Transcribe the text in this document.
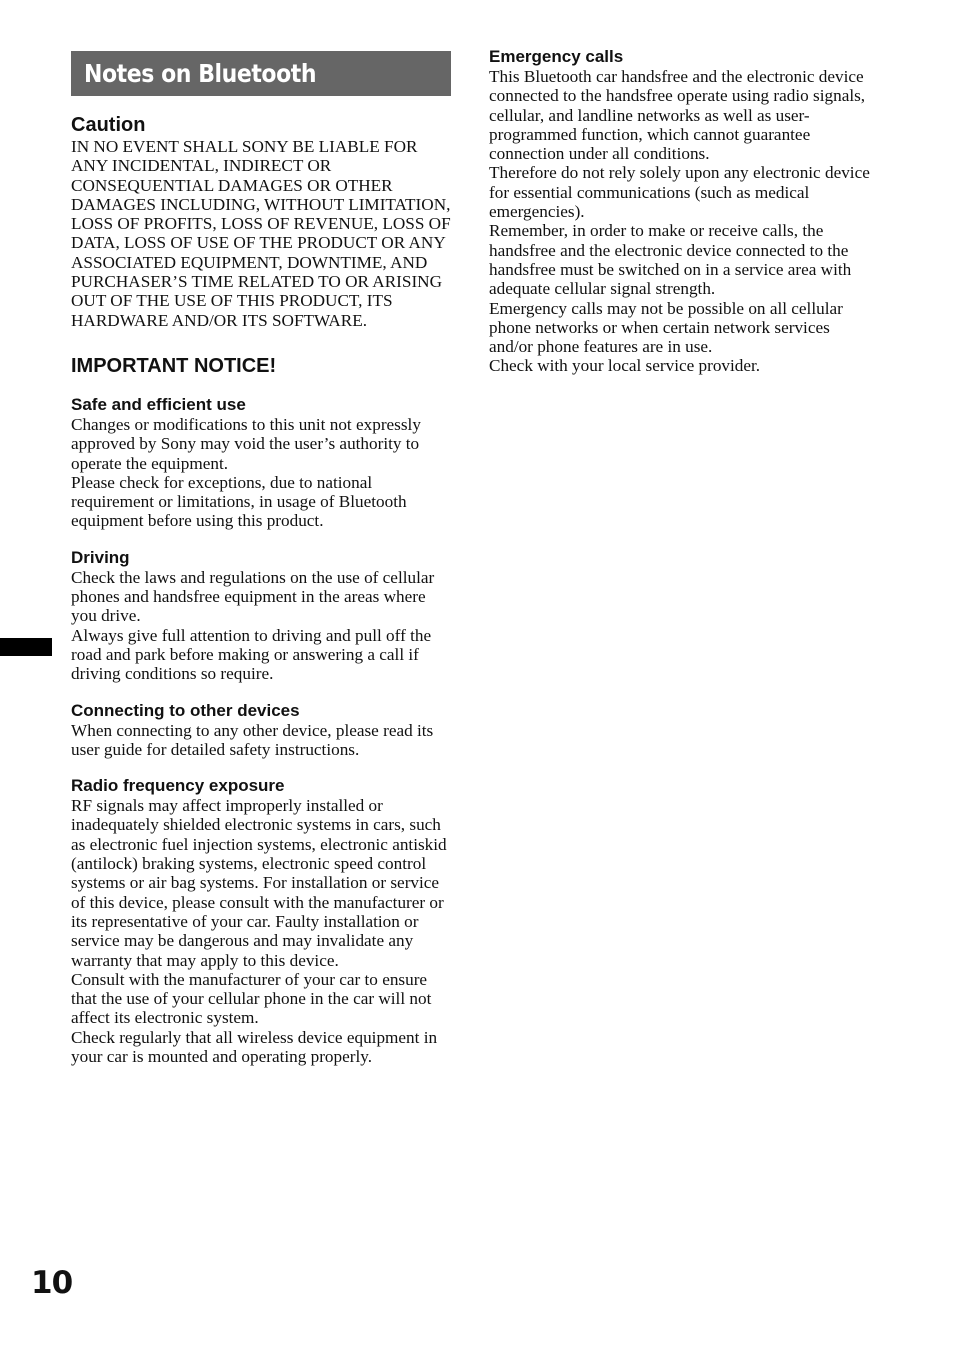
Notes on Bluetooth
Caution

IN NO EVENT SHALL SONY BE LIABLE FOR ANY INCIDENTAL, INDIRECT OR CONSEQUENTIAL DAMAGES OR OTHER DAMAGES INCLUDING, WITHOUT LIMITATION, LOSS OF PROFITS, LOSS OF REVENUE, LOSS OF DATA, LOSS OF USE OF THE PRODUCT OR ANY ASSOCIATED EQUIPMENT, DOWNTIME, AND PURCHASER’S TIME RELATED TO OR ARISING OUT OF THE USE OF THIS PRODUCT, ITS HARDWARE AND/OR ITS SOFTWARE.

IMPORTANT NOTICE!
Safe and efficient use

Changes or modifications to this unit not expressly approved by Sony may void the user’s authority to operate the equipment.

Please check for exceptions, due to national requirement or limitations, in usage of Bluetooth equipment before using this product.

Driving

Check the laws and regulations on the use of cellular phones and handsfree equipment in the areas where you drive.

Always give full attention to driving and pull off the road and park before making or answering a call if driving conditions so require.

Connecting to other devices

When connecting to any other device, please read its user guide for detailed safety instructions.

Radio frequency exposure

RF signals may affect improperly installed or inadequately shielded electronic systems in cars, such as electronic fuel injection systems, electronic antiskid (antilock) braking systems, electronic speed control systems or air bag systems. For installation or service of this device, please consult with the manufacturer or its representative of your car. Faulty installation or service may be dangerous and may invalidate any warranty that may apply to this device.

Consult with the manufacturer of your car to ensure that the use of your cellular phone in the car will not affect its electronic system.

Check regularly that all wireless device equipment in your car is mounted and operating properly.

Emergency calls

This Bluetooth car handsfree and the electronic device connected to the handsfree operate using radio signals, cellular, and landline networks as well as user-programmed function, which cannot guarantee connection under all conditions.

Therefore do not rely solely upon any electronic device for essential communications (such as medical emergencies).

Remember, in order to make or receive calls, the handsfree and the electronic device connected to the handsfree must be switched on in a service area with adequate cellular signal strength.

Emergency calls may not be possible on all cellular phone networks or when certain network services and/or phone features are in use.

Check with your local service provider.

10
